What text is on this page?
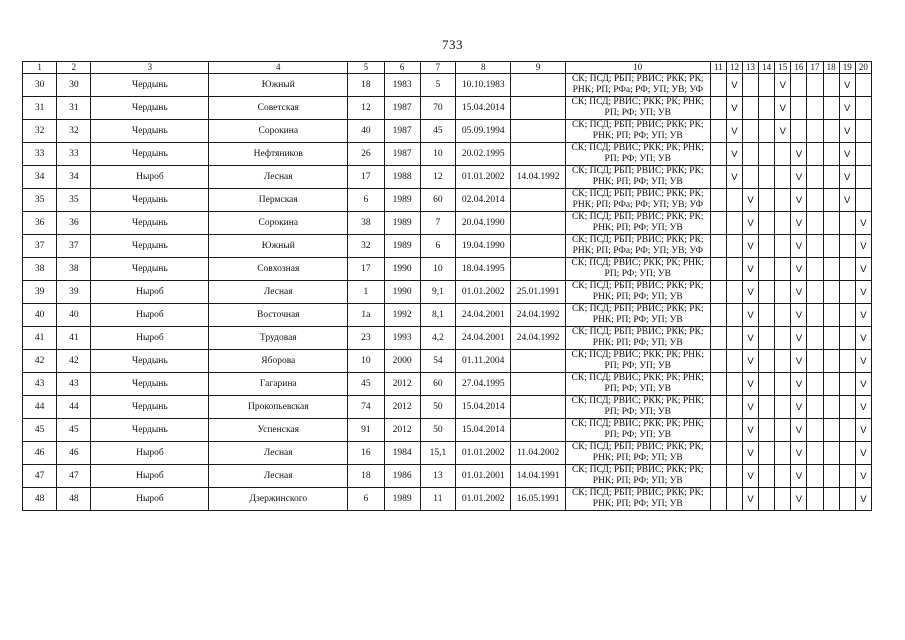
733
1	2	3	4	5	6	7	8	9	10	11	12	13	14	15	16	17	18	19	20
30	30	Чердынь	Южный	18	1983	5	10.10.1983		СК; ПСД; РБП; РВИС; РКК; РК; РНК; РП; РФа; РФ; УП; УВ; УФ		V			V				V	
31	31	Чердынь	Советская	12	1987	70	15.04.2014		СК; ПСД; РВИС; РКК; РК; РНК; РП; РФ; УП; УВ		V			V				V	
32	32	Чердынь	Сорокина	40	1987	45	05.09.1994		СК; ПСД; РБП; РВИС; РКК; РК; РНК; РП; РФ; УП; УВ		V			V				V	
33	33	Чердынь	Нефтяников	26	1987	10	20.02.1995		СК; ПСД; РВИС; РКК; РК; РНК; РП; РФ; УП; УВ		V				V			V	
34	34	Ныроб	Лесная	17	1988	12	01.01.2002	14.04.1992	СК; ПСД; РБП; РВИС; РКК; РК; РНК; РП; РФ; УП; УВ		V				V			V	
35	35	Чердынь	Пермская	6	1989	60	02.04.2014		СК; ПСД; РБП; РВИС; РКК; РК; РНК; РП; РФа; РФ; УП; УВ; УФ			V			V			V	
36	36	Чердынь	Сорокина	38	1989	7	20.04.1990		СК; ПСД; РБП; РВИС; РКК; РК; РНК; РП; РФ; УП; УВ			V			V				V
37	37	Чердынь	Южный	32	1989	6	19.04.1990		СК; ПСД; РБП; РВИС; РКК; РК; РНК; РП; РФа; РФ; УП; УВ; УФ			V			V				V
38	38	Чердынь	Совхозная	17	1990	10	18.04.1995		СК; ПСД; РВИС; РКК; РК; РНК; РП; РФ; УП; УВ			V			V				V
39	39	Ныроб	Лесная	1	1990	9,1	01.01.2002	25.01.1991	СК; ПСД; РБП; РВИС; РКК; РК; РНК; РП; РФ; УП; УВ			V			V				V
40	40	Ныроб	Восточная	1а	1992	8,1	24.04.2001	24.04.1992	СК; ПСД; РБП; РВИС; РКК; РК; РНК; РП; РФ; УП; УВ			V			V				V
41	41	Ныроб	Трудовая	23	1993	4,2	24.04.2001	24.04.1992	СК; ПСД; РБП; РВИС; РКК; РК; РНК; РП; РФ; УП; УВ			V			V				V
42	42	Чердынь	Яборова	10	2000	54	01.11.2004		СК; ПСД; РВИС; РКК; РК; РНК; РП; РФ; УП; УВ			V			V				V
43	43	Чердынь	Гагарина	45	2012	60	27.04.1995		СК; ПСД; РВИС; РКК; РК; РНК; РП; РФ; УП; УВ			V			V				V
44	44	Чердынь	Прокопьевская	74	2012	50	15.04.2014		СК; ПСД; РВИС; РКК; РК; РНК; РП; РФ; УП; УВ			V			V				V
45	45	Чердынь	Успенская	91	2012	50	15.04.2014		СК; ПСД; РВИС; РКК; РК; РНК; РП; РФ; УП; УВ			V			V				V
46	46	Ныроб	Лесная	16	1984	15,1	01.01.2002	11.04.2002	СК; ПСД; РБП; РВИС; РКК; РК; РНК; РП; РФ; УП; УВ			V			V				V
47	47	Ныроб	Лесная	18	1986	13	01.01.2001	14.04.1991	СК; ПСД; РБП; РВИС; РКК; РК; РНК; РП; РФ; УП; УВ			V			V				V
48	48	Ныроб	Дзержинского	6	1989	11	01.01.2002	16.05.1991	СК; ПСД; РБП; РВИС; РКК; РК; РНК; РП; РФ; УП; УВ			V			V				V
